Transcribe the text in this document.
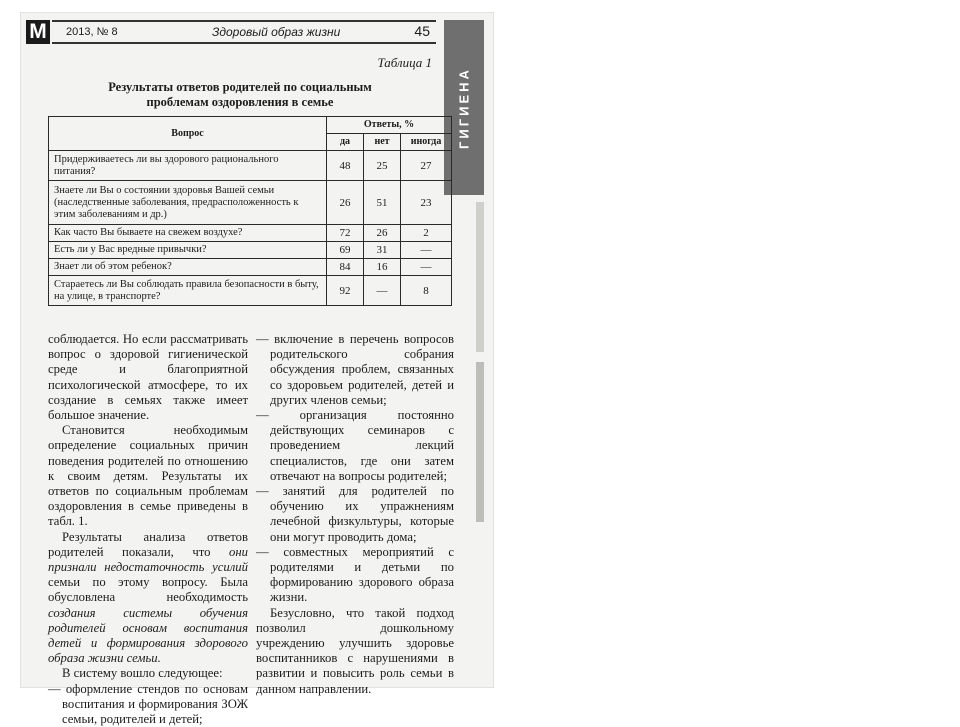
M 2013, № 8	Здоровый образ жизни	45
ГИГИЕНА
Таблица 1
Результаты ответов родителей по социальным проблемам оздоровления в семье
Вопрос	Ответы, %		
	да	нет	иногда
Придерживаетесь ли вы здорового рационального питания?	48	25	27
Знаете ли Вы о состоянии здоровья Вашей семьи (наследственные заболевания, предрасположенность к этим заболеваниям и др.)	26	51	23
Как часто Вы бываете на свежем воздухе?	72	26	2
Есть ли у Вас вредные привычки?	69	31	—
Знает ли об этом ребенок?	84	16	—
Стараетесь ли Вы соблюдать правила безопасности в быту, на улице, в транспорте?	92	—	8

соблюдается. Но если рассматривать вопрос о здоровой гигиенической среде и благоприятной психологической атмосфере, то их создание в семьях также имеет большое значение.

Становится необходимым определение социальных причин поведения родителей по отношению к своим детям. Результаты их ответов по социальным проблемам оздоровления в семье приведены в табл. 1.

Результаты анализа ответов родителей показали, что они признали недостаточность усилий семьи по этому вопросу. Была обусловлена необходимость создания системы обучения родителей основам воспитания детей и формирования здорового образа жизни семьи.

В систему вошло следующее:

— оформление стендов по основам воспитания и формирования ЗОЖ семьи, родителей и детей;

— включение в перечень вопросов родительского собрания обсуждения проблем, связанных со здоровьем родителей, детей и других членов семьи;

— организация постоянно действующих семинаров с проведением лекций специалистов, где они затем отвечают на вопросы родителей;

— занятий для родителей по обучению их упражнениям лечебной физкультуры, которые они могут проводить дома;

— совместных мероприятий с родителями и детьми по формированию здорового образа жизни.

Безусловно, что такой подход позволил дошкольному учреждению улучшить здоровье воспитанников с нарушениями в развитии и повысить роль семьи в данном направлении.
